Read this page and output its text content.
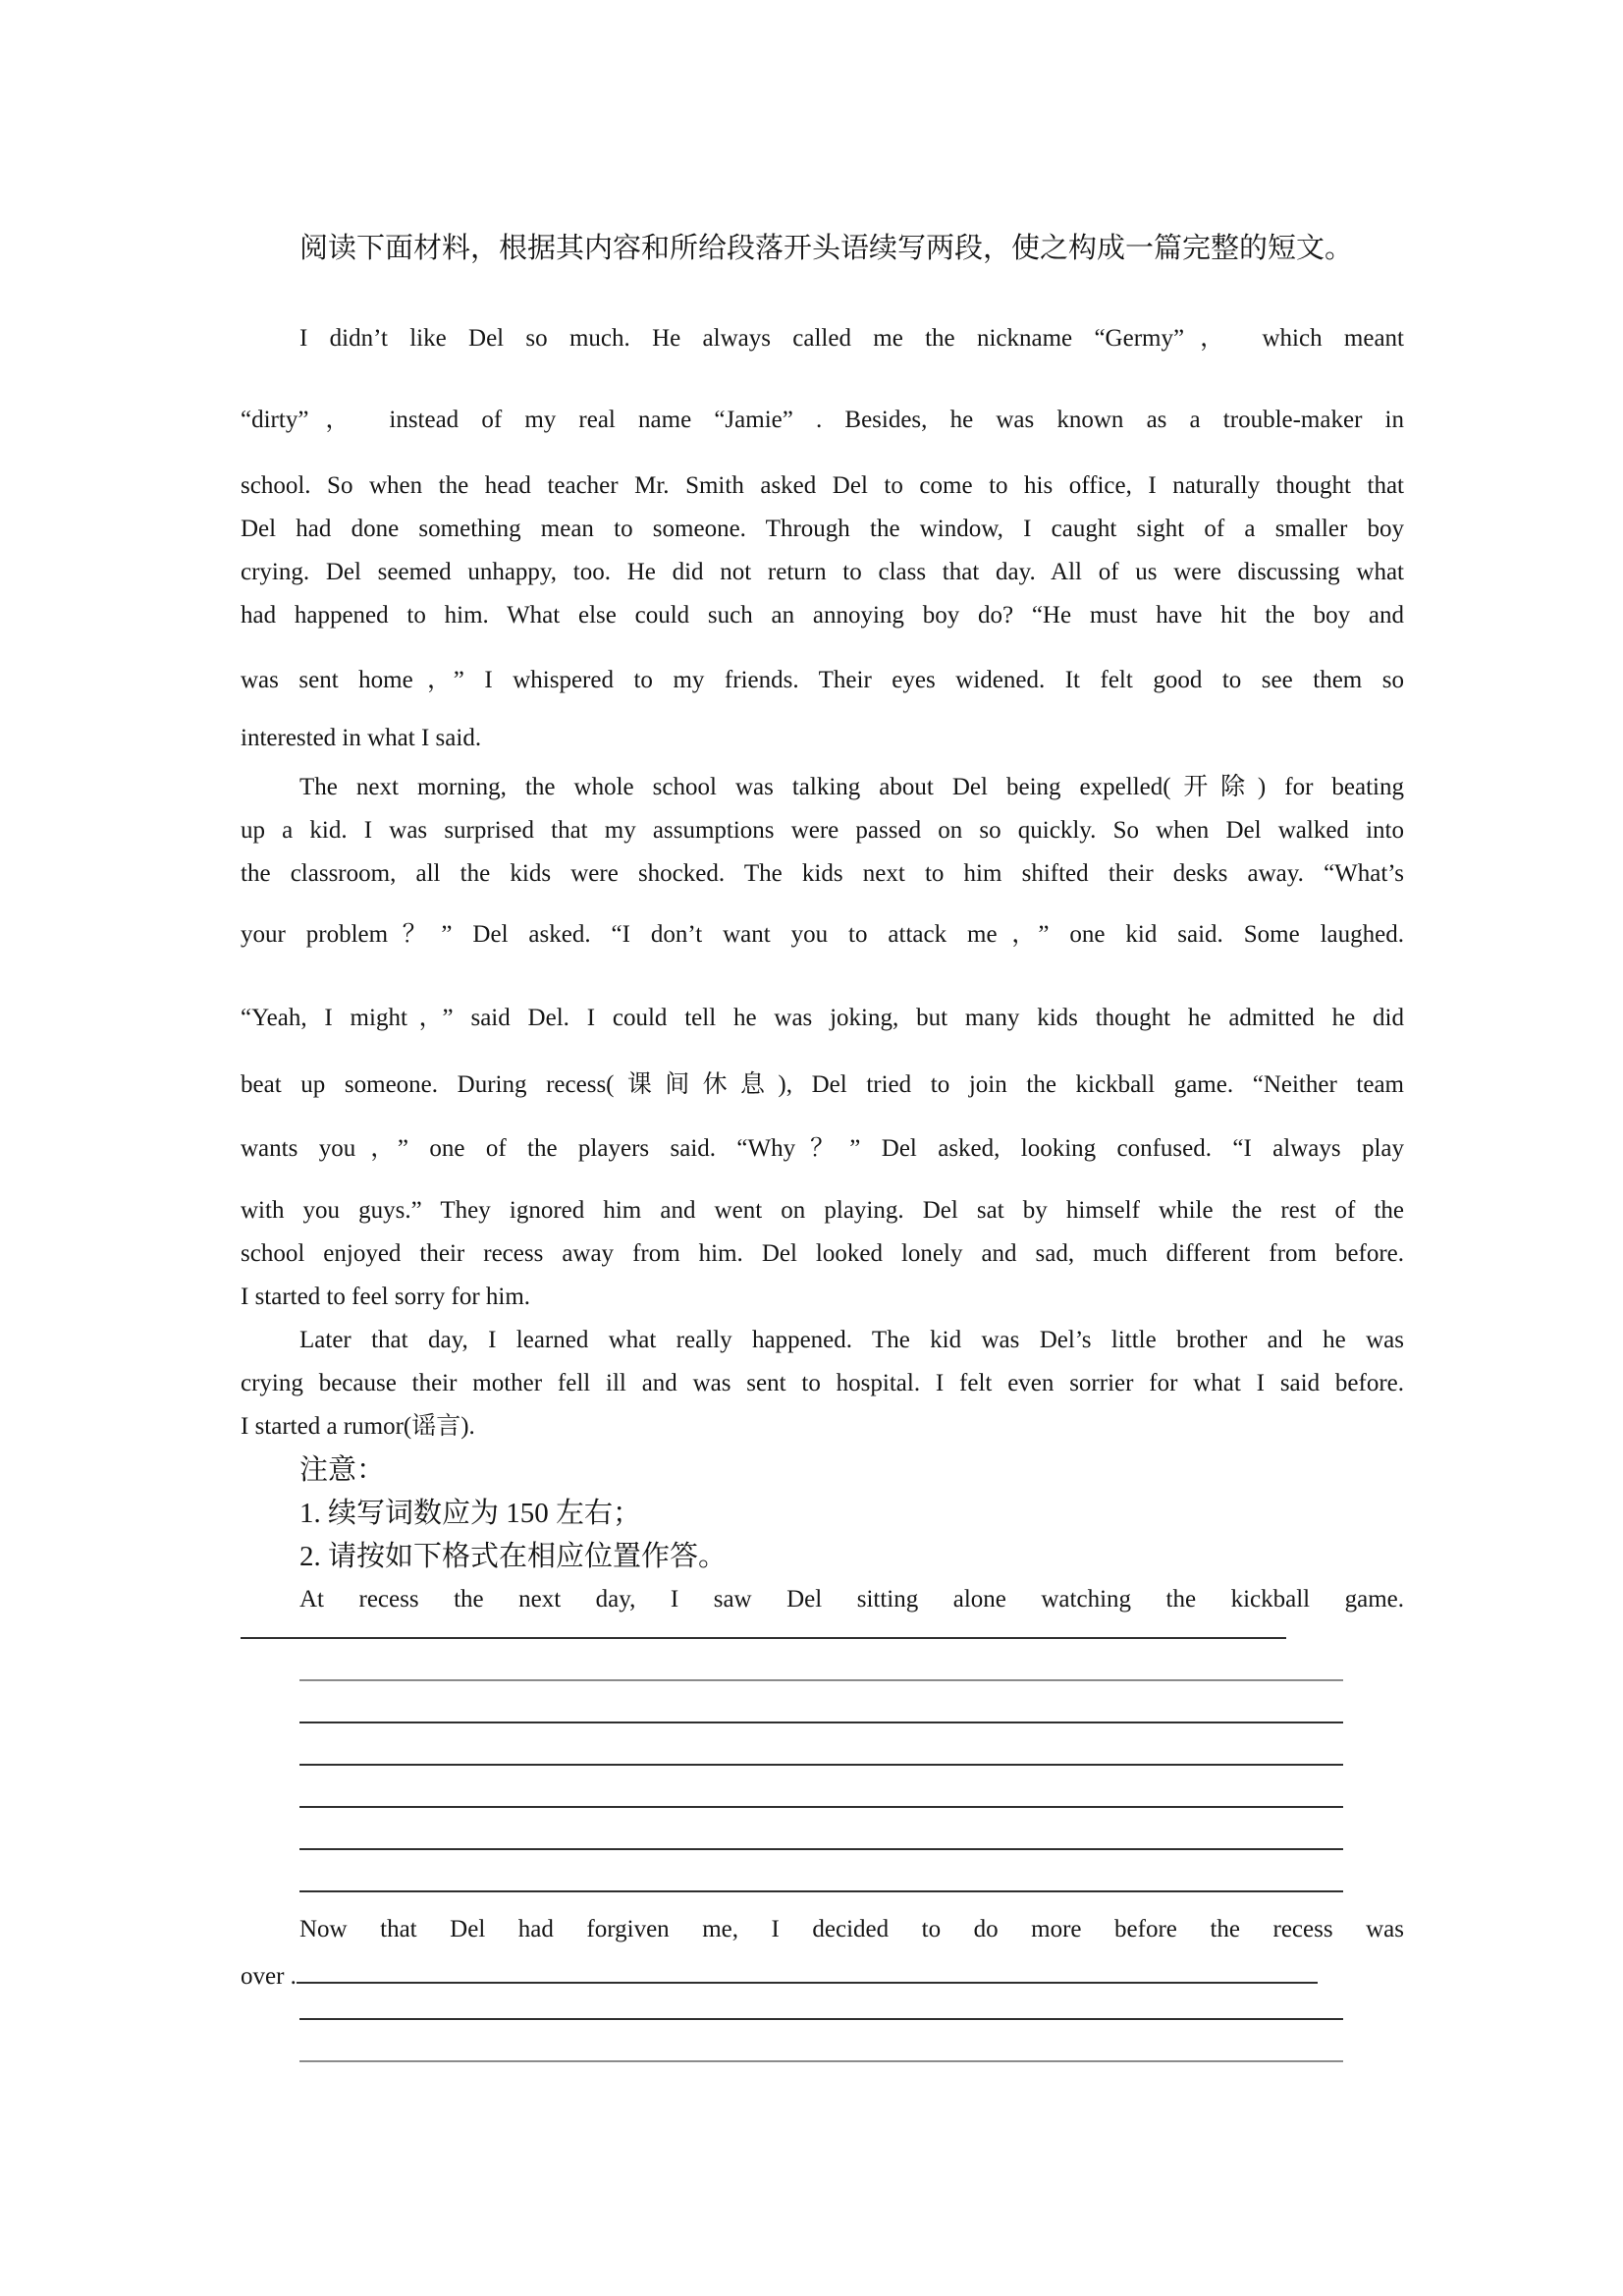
阅读下面材料，根据其内容和所给段落开头语续写两段，使之构成一篇完整的短文。
I didn’t like Del so much. He always called me the nickname “Germy”， which meant
“dirty”， instead of my real name “Jamie” . Besides, he was known as a trouble-maker in
school. So when the head teacher Mr. Smith asked Del to come to his office, I naturally thought that
Del had done something mean to someone. Through the window, I caught sight of a smaller boy
crying. Del seemed unhappy, too. He did not return to class that day. All of us were discussing what
had happened to him. What else could such an annoying boy do? “He must have hit the boy and
was sent home，” I whispered to my friends. Their eyes widened. It felt good to see them so
interested in what I said.
The next morning, the whole school was talking about Del being expelled(开除) for beating
up a kid. I was surprised that my assumptions were passed on so quickly. So when Del walked into
the classroom, all the kids were shocked. The kids next to him shifted their desks away. “What’s
your problem？” Del asked. “I don’t want you to attack me，” one kid said. Some laughed.
“Yeah, I might，” said Del. I could tell he was joking, but many kids thought he admitted he did
beat up someone. During recess(课间休息), Del tried to join the kickball game. “Neither team
wants you，” one of the players said. “Why？” Del asked, looking confused. “I always play
with you guys.” They ignored him and went on playing. Del sat by himself while the rest of the
school enjoyed their recess away from him. Del looked lonely and sad, much different from before.
I started to feel sorry for him.
Later that day, I learned what really happened. The kid was Del’s little brother and he was
crying because their mother fell ill and was sent to hospital. I felt even sorrier for what I said before.
I started a rumor(谣言).
注意：
1. 续写词数应为 150 左右；
2. 请按如下格式在相应位置作答。
At recess the next day, I saw Del sitting alone watching the kickball game.
Now that Del had forgiven me, I decided to do more before the recess was
over .
